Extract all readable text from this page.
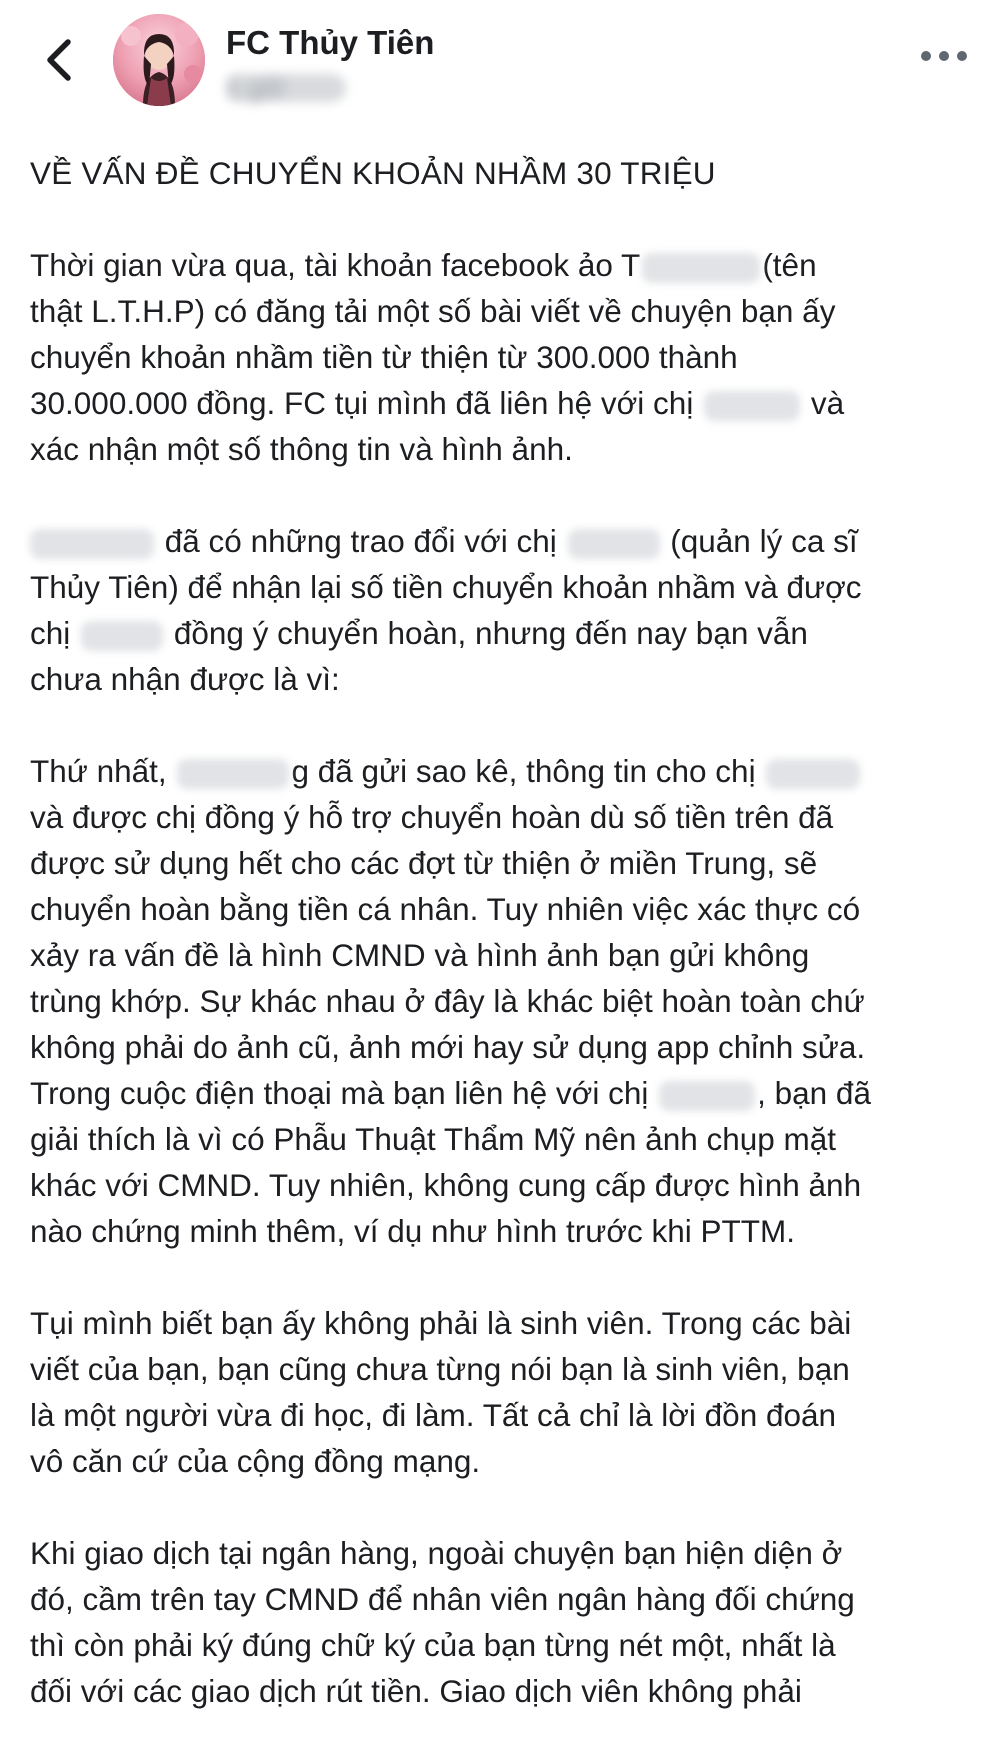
FC Thủy Tiên
1 giờ
VỀ VẤN ĐỀ CHUYỂN KHOẢN NHẦM 30 TRIỆU
Thời gian vừa qua, tài khoản facebook ảo T	(tên
thật L.T.H.P) có đăng tải một số bài viết về chuyện bạn ấy
chuyển khoản nhầm tiền từ thiện từ 300.000 thành
30.000.000 đồng. FC tụi mình đã liên hệ với chị	và
xác nhận một số thông tin và hình ảnh.
đã có những trao đổi với chị	(quản lý ca sĩ
Thủy Tiên) để nhận lại số tiền chuyển khoản nhầm và được
chị	đồng ý chuyển hoàn, nhưng đến nay bạn vẫn
chưa nhận được là vì:
Thứ nhất,	g đã gửi sao kê, thông tin cho chị
và được chị đồng ý hỗ trợ chuyển hoàn dù số tiền trên đã
được sử dụng hết cho các đợt từ thiện ở miền Trung, sẽ
chuyển hoàn bằng tiền cá nhân. Tuy nhiên việc xác thực có
xảy ra vấn đề là hình CMND và hình ảnh bạn gửi không
trùng khớp. Sự khác nhau ở đây là khác biệt hoàn toàn chứ
không phải do ảnh cũ, ảnh mới hay sử dụng app chỉnh sửa.
Trong cuộc điện thoại mà bạn liên hệ với chị	, bạn đã
giải thích là vì có Phẫu Thuật Thẩm Mỹ nên ảnh chụp mặt
khác với CMND. Tuy nhiên, không cung cấp được hình ảnh
nào chứng minh thêm, ví dụ như hình trước khi PTTM.
Tụi mình biết bạn ấy không phải là sinh viên. Trong các bài
viết của bạn, bạn cũng chưa từng nói bạn là sinh viên, bạn
là một người vừa đi học, đi làm. Tất cả chỉ là lời đồn đoán
vô căn cứ của cộng đồng mạng.
Khi giao dịch tại ngân hàng, ngoài chuyện bạn hiện diện ở
đó, cầm trên tay CMND để nhân viên ngân hàng đối chứng
thì còn phải ký đúng chữ ký của bạn từng nét một, nhất là
đối với các giao dịch rút tiền. Giao dịch viên không phải
